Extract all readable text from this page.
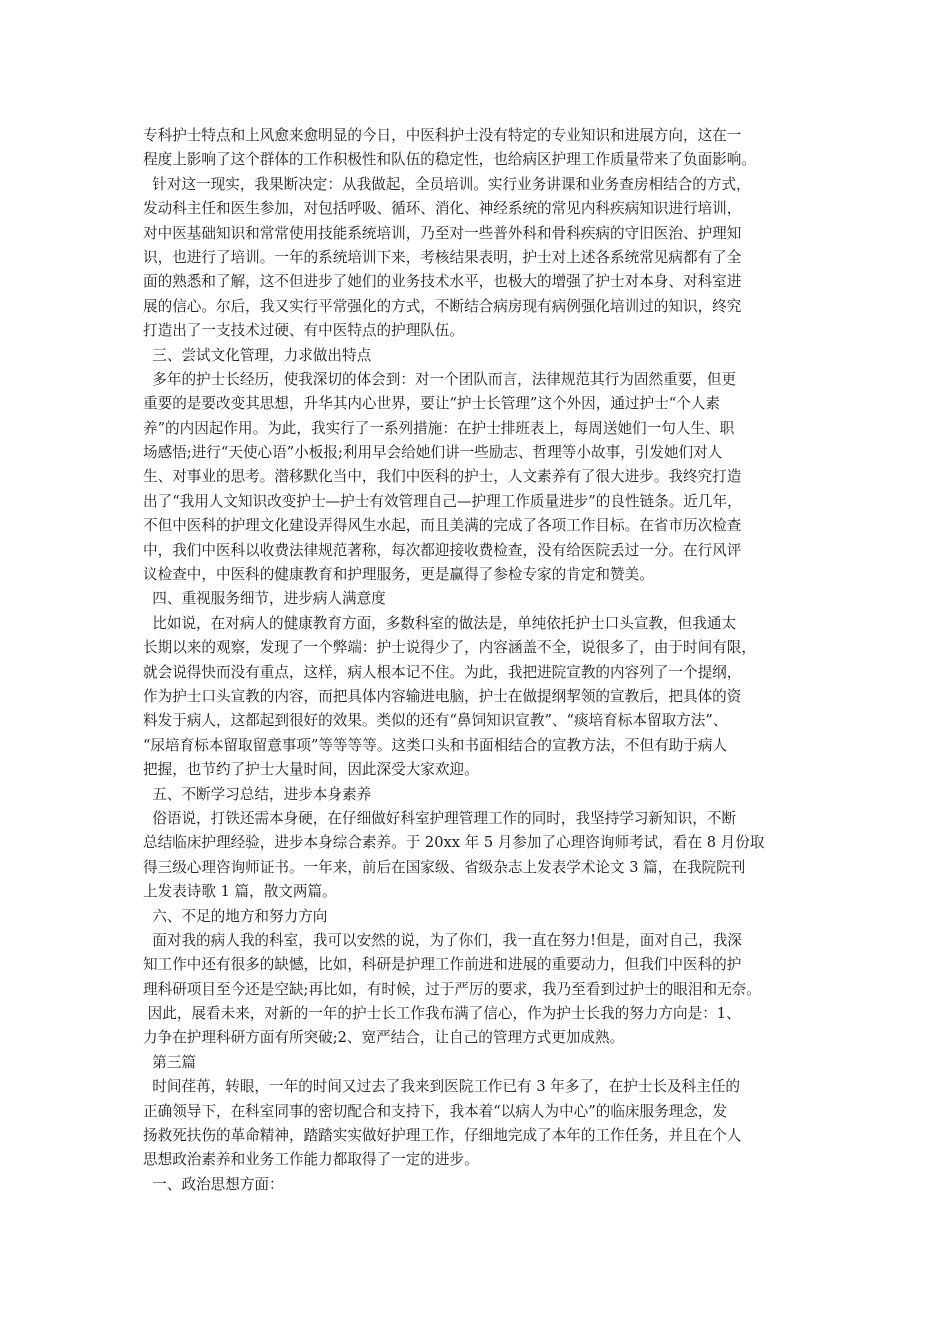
专科护士特点和上风愈来愈明显的今日，中医科护士没有特定的专业知识和进展方向，这在一
程度上影响了这个群体的工作积极性和队伍的稳定性，也给病区护理工作质量带来了负面影响。
针对这一现实，我果断决定：从我做起，全员培训。实行业务讲课和业务查房相结合的方式，
发动科主任和医生参加，对包括呼吸、循环、消化、神经系统的常见内科疾病知识进行培训，
对中医基础知识和常常使用技能系统培训，乃至对一些普外科和骨科疾病的守旧医治、护理知
识，也进行了培训。一年的系统培训下来，考核结果表明，护士对上述各系统常见病都有了全
面的熟悉和了解，这不但进步了她们的业务技术水平，也极大的增强了护士对本身、对科室进
展的信心。尔后，我又实行平常强化的方式，不断结合病房现有病例强化培训过的知识，终究
打造出了一支技术过硬、有中医特点的护理队伍。
三、尝试文化管理，力求做出特点
多年的护士长经历，使我深切的体会到：对一个团队而言，法律规范其行为固然重要，但更
重要的是要改变其思想，升华其内心世界，要让“护士长管理”这个外因，通过护士“个人素
养”的内因起作用。为此，我实行了一系列措施：在护士排班表上，每周送她们一句人生、职
场感悟;进行“天使心语”小板报;利用早会给她们讲一些励志、哲理等小故事，引发她们对人
生、对事业的思考。潜移默化当中，我们中医科的护士，人文素养有了很大进步。我终究打造
出了“我用人文知识改变护士—护士有效管理自己—护理工作质量进步”的良性链条。近几年，
不但中医科的护理文化建设弄得风生水起，而且美满的完成了各项工作目标。在省市历次检查
中，我们中医科以收费法律规范著称，每次都迎接收费检查，没有给医院丢过一分。在行风评
议检查中，中医科的健康教育和护理服务，更是赢得了参检专家的肯定和赞美。
四、重视服务细节，进步病人满意度
比如说，在对病人的健康教育方面，多数科室的做法是，单纯依托护士口头宣教，但我通太
长期以来的观察，发现了一个弊端：护士说得少了，内容涵盖不全，说很多了，由于时间有限，
就会说得快而没有重点，这样，病人根本记不住。为此，我把进院宣教的内容列了一个提纲，
作为护士口头宣教的内容，而把具体内容输进电脑，护士在做提纲挈领的宣教后，把具体的资
料发于病人，这都起到很好的效果。类似的还有“鼻饲知识宣教”、“痰培育标本留取方法”、
“尿培育标本留取留意事项”等等等等。这类口头和书面相结合的宣教方法，不但有助于病人
把握，也节约了护士大量时间，因此深受大家欢迎。
五、不断学习总结，进步本身素养
俗语说，打铁还需本身硬，在仔细做好科室护理管理工作的同时，我坚持学习新知识，不断
总结临床护理经验，进步本身综合素养。于 20xx 年 5 月参加了心理咨询师考试，看在 8 月份取
得三级心理咨询师证书。一年来，前后在国家级、省级杂志上发表学术论文 3 篇，在我院院刊
上发表诗歌 1 篇，散文两篇。
六、不足的地方和努力方向
面对我的病人我的科室，我可以安然的说，为了你们，我一直在努力!但是，面对自己，我深
知工作中还有很多的缺憾，比如，科研是护理工作前进和进展的重要动力，但我们中医科的护
理科研项目至今还是空缺;再比如，有时候，过于严厉的要求，我乃至看到过护士的眼泪和无奈。
因此，展看未来，对新的一年的护士长工作我布满了信心，作为护士长我的努力方向是：1、
力争在护理科研方面有所突破;2、宽严结合，让自己的管理方式更加成熟。
第三篇
时间荏苒，转眼，一年的时间又过去了我来到医院工作已有 3 年多了，在护士长及科主任的
正确领导下，在科室同事的密切配合和支持下，我本着“以病人为中心”的临床服务理念，发
扬救死扶伤的革命精神，踏踏实实做好护理工作，仔细地完成了本年的工作任务，并且在个人
思想政治素养和业务工作能力都取得了一定的进步。
一、政治思想方面：
